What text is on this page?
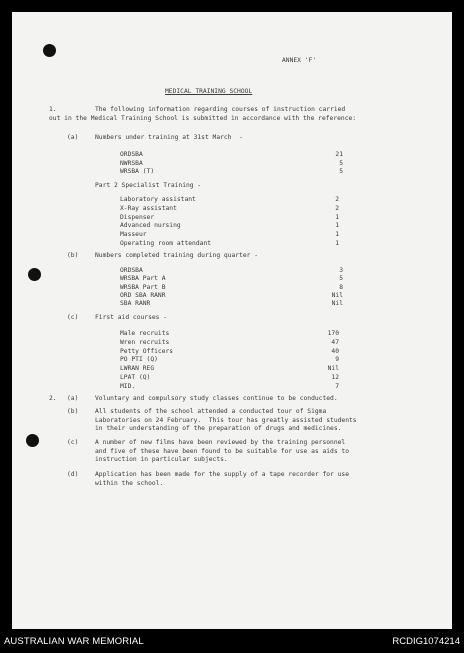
ANNEX 'F'
MEDICAL TRAINING SCHOOL
1.	The following information regarding courses of instruction carried
out in the Medical Training School is submitted in accordance with the reference:
(a)	Numbers under training at 31st March  -
ORDSBA	21
NWRSBA	5
WRSBA (T)	5
Part 2 Specialist Training -
Laboratory assistant	2
X-Ray assistant	2
Dispenser	1
Advanced nursing	1
Masseur	1
Operating room attendant	1
(b)	Numbers completed training during quarter -
ORDSBA	3
WRSBA Part A	5
WRSBA Part B	8
ORD SBA RANR	Nil
SBA RANR	Nil
(c)	First aid courses -
Male recruits	170
Wren recruits	47
Petty Officers	40
PO PTI (Q)	9
LWRAN REG	Nil
LPAT (Q)	12
MID.	7
2. (a)	Voluntary and compulsory study classes continue to be conducted.
(b)	All students of the school attended a conducted tour of Sigma
Laboratories on 24 February.  This tour has greatly assisted students
in their understanding of the preparation of drugs and medicines.
(c)	A number of new films have been reviewed by the training personnel
and five of these have been found to be suitable for use as aids to
instruction in particular subjects.
(d)	Application has been made for the supply of a tape recorder for use
within the school.
AUSTRALIAN WAR MEMORIAL	RCDIG1074214
